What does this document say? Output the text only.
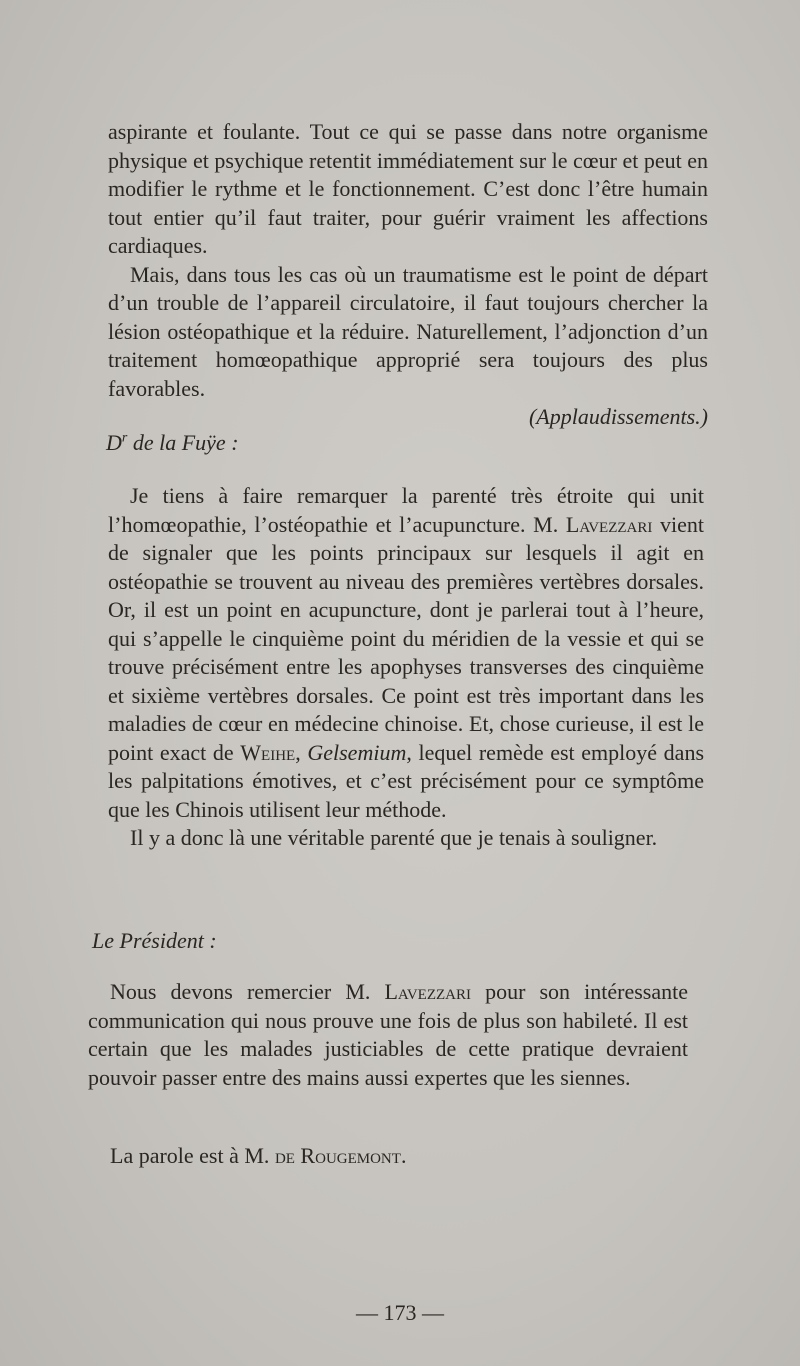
aspirante et foulante. Tout ce qui se passe dans notre organisme physique et psychique retentit immédiatement sur le cœur et peut en modifier le rythme et le fonctionnement. C’est donc l’être humain tout entier qu’il faut traiter, pour guérir vraiment les affections cardiaques.

Mais, dans tous les cas où un traumatisme est le point de départ d’un trouble de l’appareil circulatoire, il faut toujours chercher la lésion ostéopathique et la réduire. Naturellement, l’adjonction d’un traitement homœopathique approprié sera toujours des plus favorables.

(Applaudissements.)

$D^r$ de la Fuÿe :

Je tiens à faire remarquer la parenté très étroite qui unit l’homœopathie, l’ostéopathie et l’acupuncture. M. Lavezzari vient de signaler que les points principaux sur lesquels il agit en ostéopathie se trouvent au niveau des premières vertèbres dorsales. Or, il est un point en acupuncture, dont je parlerai tout à l’heure, qui s’appelle le cinquième point du méridien de la vessie et qui se trouve précisément entre les apophyses transverses des cinquième et sixième vertèbres dorsales. Ce point est très important dans les maladies de cœur en médecine chinoise. Et, chose curieuse, il est le point exact de Weihe, Gelsemium, lequel remède est employé dans les palpitations émotives, et c’est précisément pour ce symptôme que les Chinois utilisent leur méthode.

Il y a donc là une véritable parenté que je tenais à souligner.

Le Président :

Nous devons remercier M. Lavezzari pour son intéressante communication qui nous prouve une fois de plus son habileté. Il est certain que les malades justiciables de cette pratique devraient pouvoir passer entre des mains aussi expertes que les siennes.

La parole est à M. de Rougemont.

— 173 —
